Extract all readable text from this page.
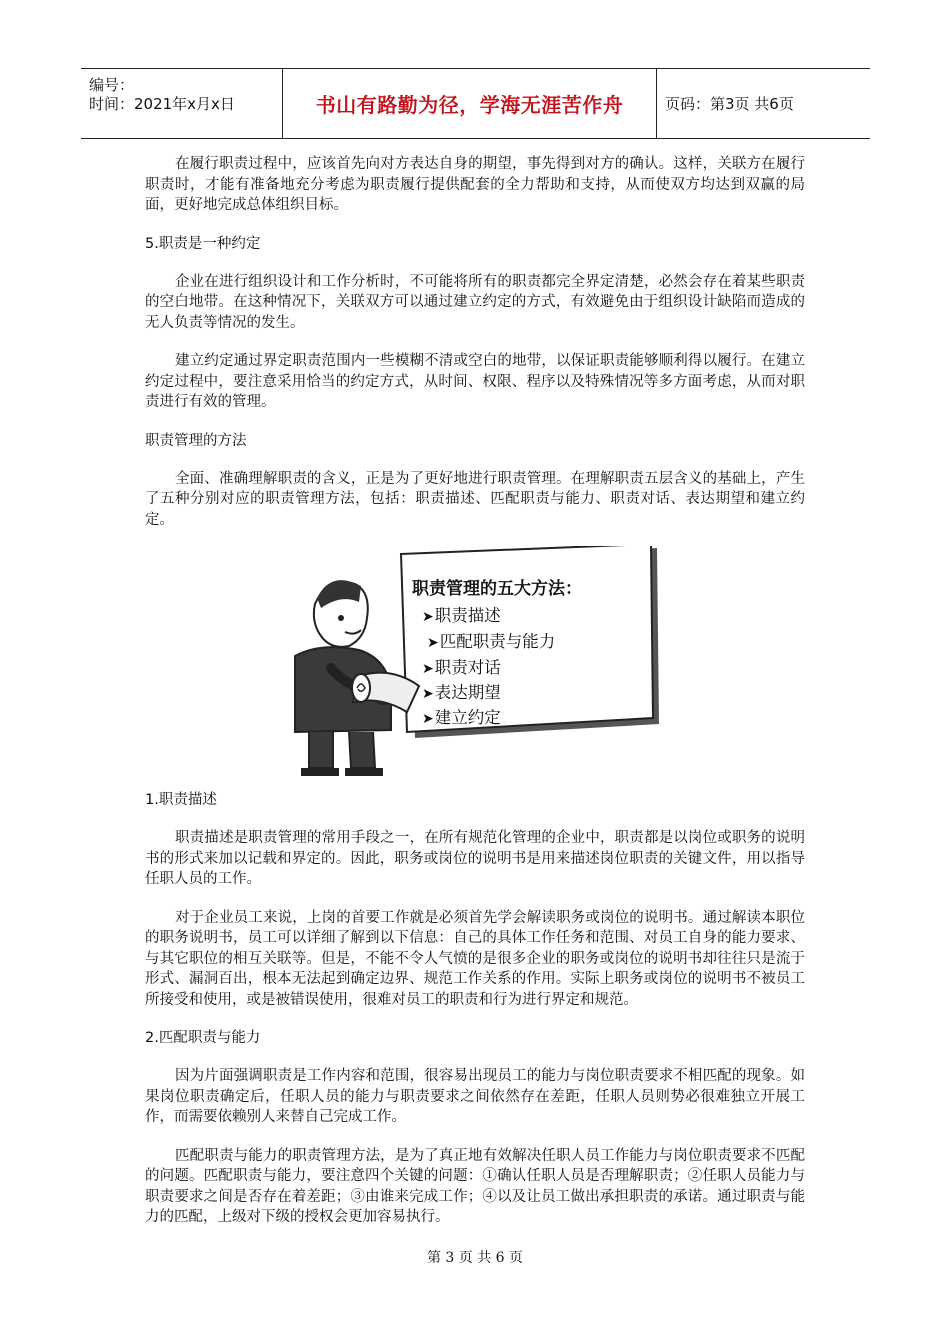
编号：
时间：2021年x月x日	书山有路勤为径，学海无涯苦作舟	页码：第3页 共6页

在履行职责过程中，应该首先向对方表达自身的期望，事先得到对方的确认。这样，关联方在履行职责时，才能有准备地充分考虑为职责履行提供配套的全力帮助和支持，从而使双方均达到双赢的局面，更好地完成总体组织目标。

5.职责是一种约定

企业在进行组织设计和工作分析时，不可能将所有的职责都完全界定清楚，必然会存在着某些职责的空白地带。在这种情况下，关联双方可以通过建立约定的方式，有效避免由于组织设计缺陷而造成的无人负责等情况的发生。

建立约定通过界定职责范围内一些模糊不清或空白的地带，以保证职责能够顺利得以履行。在建立约定过程中，要注意采用恰当的约定方式，从时间、权限、程序以及特殊情况等多方面考虑，从而对职责进行有效的管理。

职责管理的方法

全面、准确理解职责的含义，正是为了更好地进行职责管理。在理解职责五层含义的基础上，产生了五种分别对应的职责管理方法，包括：职责描述、匹配职责与能力、职责对话、表达期望和建立约定。

职责管理的五大方法：
➤职责描述
➤匹配职责与能力
➤职责对话
➤表达期望
➤建立约定

1.职责描述

职责描述是职责管理的常用手段之一，在所有规范化管理的企业中，职责都是以岗位或职务的说明书的形式来加以记载和界定的。因此，职务或岗位的说明书是用来描述岗位职责的关键文件，用以指导任职人员的工作。

对于企业员工来说，上岗的首要工作就是必须首先学会解读职务或岗位的说明书。通过解读本职位的职务说明书，员工可以详细了解到以下信息：自己的具体工作任务和范围、对员工自身的能力要求、与其它职位的相互关联等。但是，不能不令人气愤的是很多企业的职务或岗位的说明书却往往只是流于形式、漏洞百出，根本无法起到确定边界、规范工作关系的作用。实际上职务或岗位的说明书不被员工所接受和使用，或是被错误使用，很难对员工的职责和行为进行界定和规范。

2.匹配职责与能力

因为片面强调职责是工作内容和范围，很容易出现员工的能力与岗位职责要求不相匹配的现象。如果岗位职责确定后，任职人员的能力与职责要求之间依然存在差距，任职人员则势必很难独立开展工作，而需要依赖别人来替自己完成工作。

匹配职责与能力的职责管理方法，是为了真正地有效解决任职人员工作能力与岗位职责要求不匹配的问题。匹配职责与能力，要注意四个关键的问题：①确认任职人员是否理解职责；②任职人员能力与职责要求之间是否存在着差距；③由谁来完成工作；④以及让员工做出承担职责的承诺。通过职责与能力的匹配，上级对下级的授权会更加容易执行。

第 3 页 共 6 页
